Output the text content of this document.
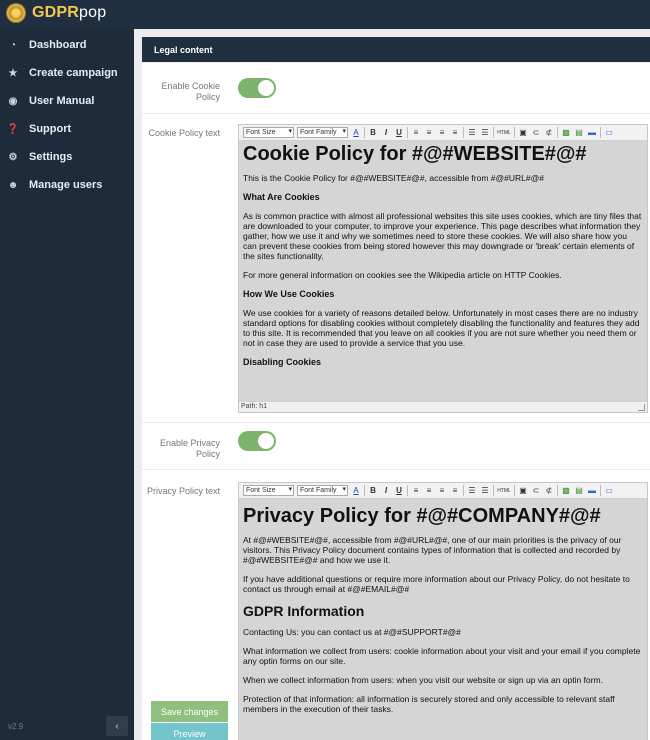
GDPRpop
◔	Dashboard
★ Create campaign
◉ User Manual
❓ Support
⚙ Settings
☻ Manage users
v2.9	‹
Legal content
Enable Cookie Policy
Cookie Policy text	Font Size ▾	Font Family ▾	A B	I	U	≡	≡	≡	≡	☰ ☰ HTML ▣ ⊂ ⊄ ▩ ▤ ▬ ▭
Cookie Policy for #@#WEBSITE#@#

This is the Cookie Policy for #@#WEBSITE#@#, accessible from #@#URL#@#

What Are Cookies

As is common practice with almost all professional websites this site uses cookies, which are tiny files that are downloaded to your computer, to improve your experience. This page describes what information they gather, how we use it and why we sometimes need to store these cookies. We will also share how you can prevent these cookies from being stored however this may downgrade or 'break' certain elements of the sites functionality.

For more general information on cookies see the Wikipedia article on HTTP Cookies.

How We Use Cookies

We use cookies for a variety of reasons detailed below. Unfortunately in most cases there are no industry standard options for disabling cookies without completely disabling the functionality and features they add to this site. It is recommended that you leave on all cookies if you are not sure whether you need them or not in case they are used to provide a service that you use.

Disabling Cookies
Path: h1
Enable Privacy Policy
Privacy Policy text	Font Size ▾	Font Family ▾	A B	I	U	≡	≡	≡	≡	☰ ☰ HTML ▣ ⊂ ⊄ ▩ ▤ ▬ ▭
Privacy Policy for #@#COMPANY#@#

At #@#WEBSITE#@#, accessible from #@#URL#@#, one of our main priorities is the privacy of our visitors. This Privacy Policy document contains types of information that is collected and recorded by #@#WEBSITE#@# and how we use it.

If you have additional questions or require more information about our Privacy Policy, do not hesitate to contact us through email at #@#EMAIL#@#

GDPR Information

Contacting Us: you can contact us at #@#SUPPORT#@#

What information we collect from users: cookie information about your visit and your email if you complete any optin forms on our site.

When we collect information from users: when you visit our website or sign up via an optin form.

Protection of that information: all information is securely stored and only accessible to relevant staff members in the execution of their tasks.

Save changes
Preview
